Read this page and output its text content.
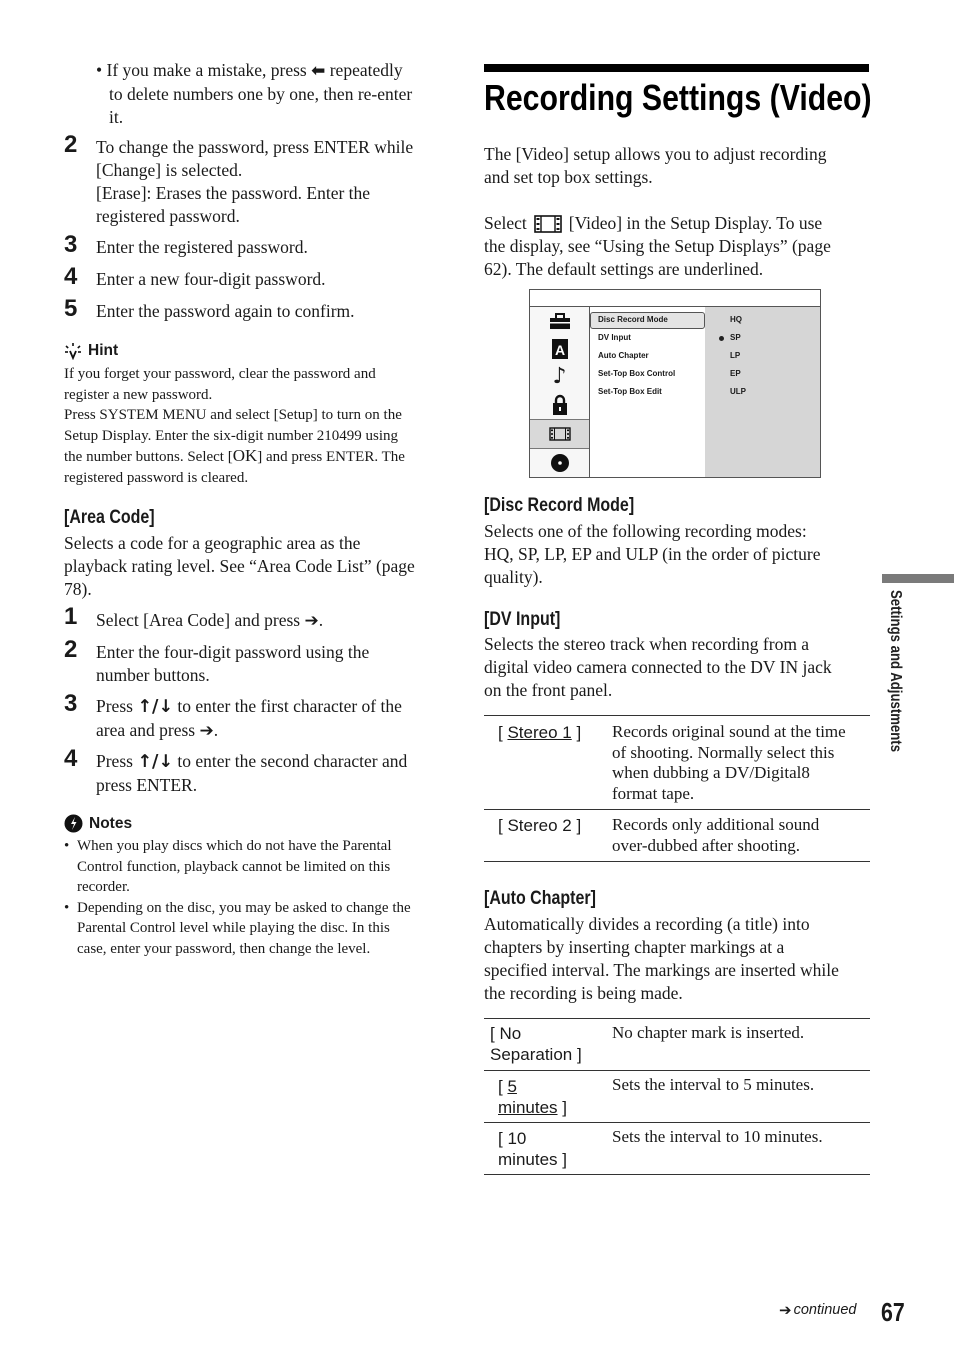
• If you make a mistake, press ⬅ repeatedly
to delete numbers one by one, then re-enter
it.
2 To change the password, press ENTER while
[Change] is selected.
[Erase]: Erases the password. Enter the
registered password.
3 Enter the registered password.
4 Enter a new four-digit password.
5 Enter the password again to confirm.
Hint
If you forget your password, clear the password and
register a new password.
Press SYSTEM MENU and select [Setup] to turn on the
Setup Display. Enter the six-digit number 210499 using
the number buttons. Select [OK] and press ENTER. The
registered password is cleared.
[Area Code]
Selects a code for a geographic area as the
playback rating level. See “Area Code List” (page
78).
1 Select [Area Code] and press ➔.
2 Enter the four-digit password using the
number buttons.
3 Press ↑/↓ to enter the first character of the
area and press ➔.
4 Press ↑/↓ to enter the second character and
press ENTER.
Notes
• When you play discs which do not have the Parental
Control function, playback cannot be limited on this
recorder.
• Depending on the disc, you may be asked to change the
Parental Control level while playing the disc. In this
case, enter your password, then change the level.
Recording Settings (Video)
The [Video] setup allows you to adjust recording
and set top box settings.
Select [Video] in the Setup Display. To use
the display, see “Using the Setup Displays” (page
62). The default settings are underlined.
A
♪
Disc Record Mode
DV Input
Auto Chapter
Set-Top Box Control
Set-Top Box Edit
HQ
SP
LP
EP
ULP
[Disc Record Mode]
Selects one of the following recording modes:
HQ, SP, LP, EP and ULP (in the order of picture
quality).
[DV Input]
Selects the stereo track when recording from a
digital video camera connected to the DV IN jack
on the front panel.
[ Stereo 1 ] Records original sound at the time
of shooting. Normally select this
when dubbing a DV/Digital8
format tape.
[ Stereo 2 ] Records only additional sound
over-dubbed after shooting.
[Auto Chapter]
Automatically divides a recording (a title) into
chapters by inserting chapter markings at a
specified interval. The markings are inserted while
the recording is being made.
[ No
Separation ]
No chapter mark is inserted.
[ 5
minutes ]
Sets the interval to 5 minutes.
[ 10
minutes ]
Sets the interval to 10 minutes.
Settings and Adjustments
➔ continued 67
